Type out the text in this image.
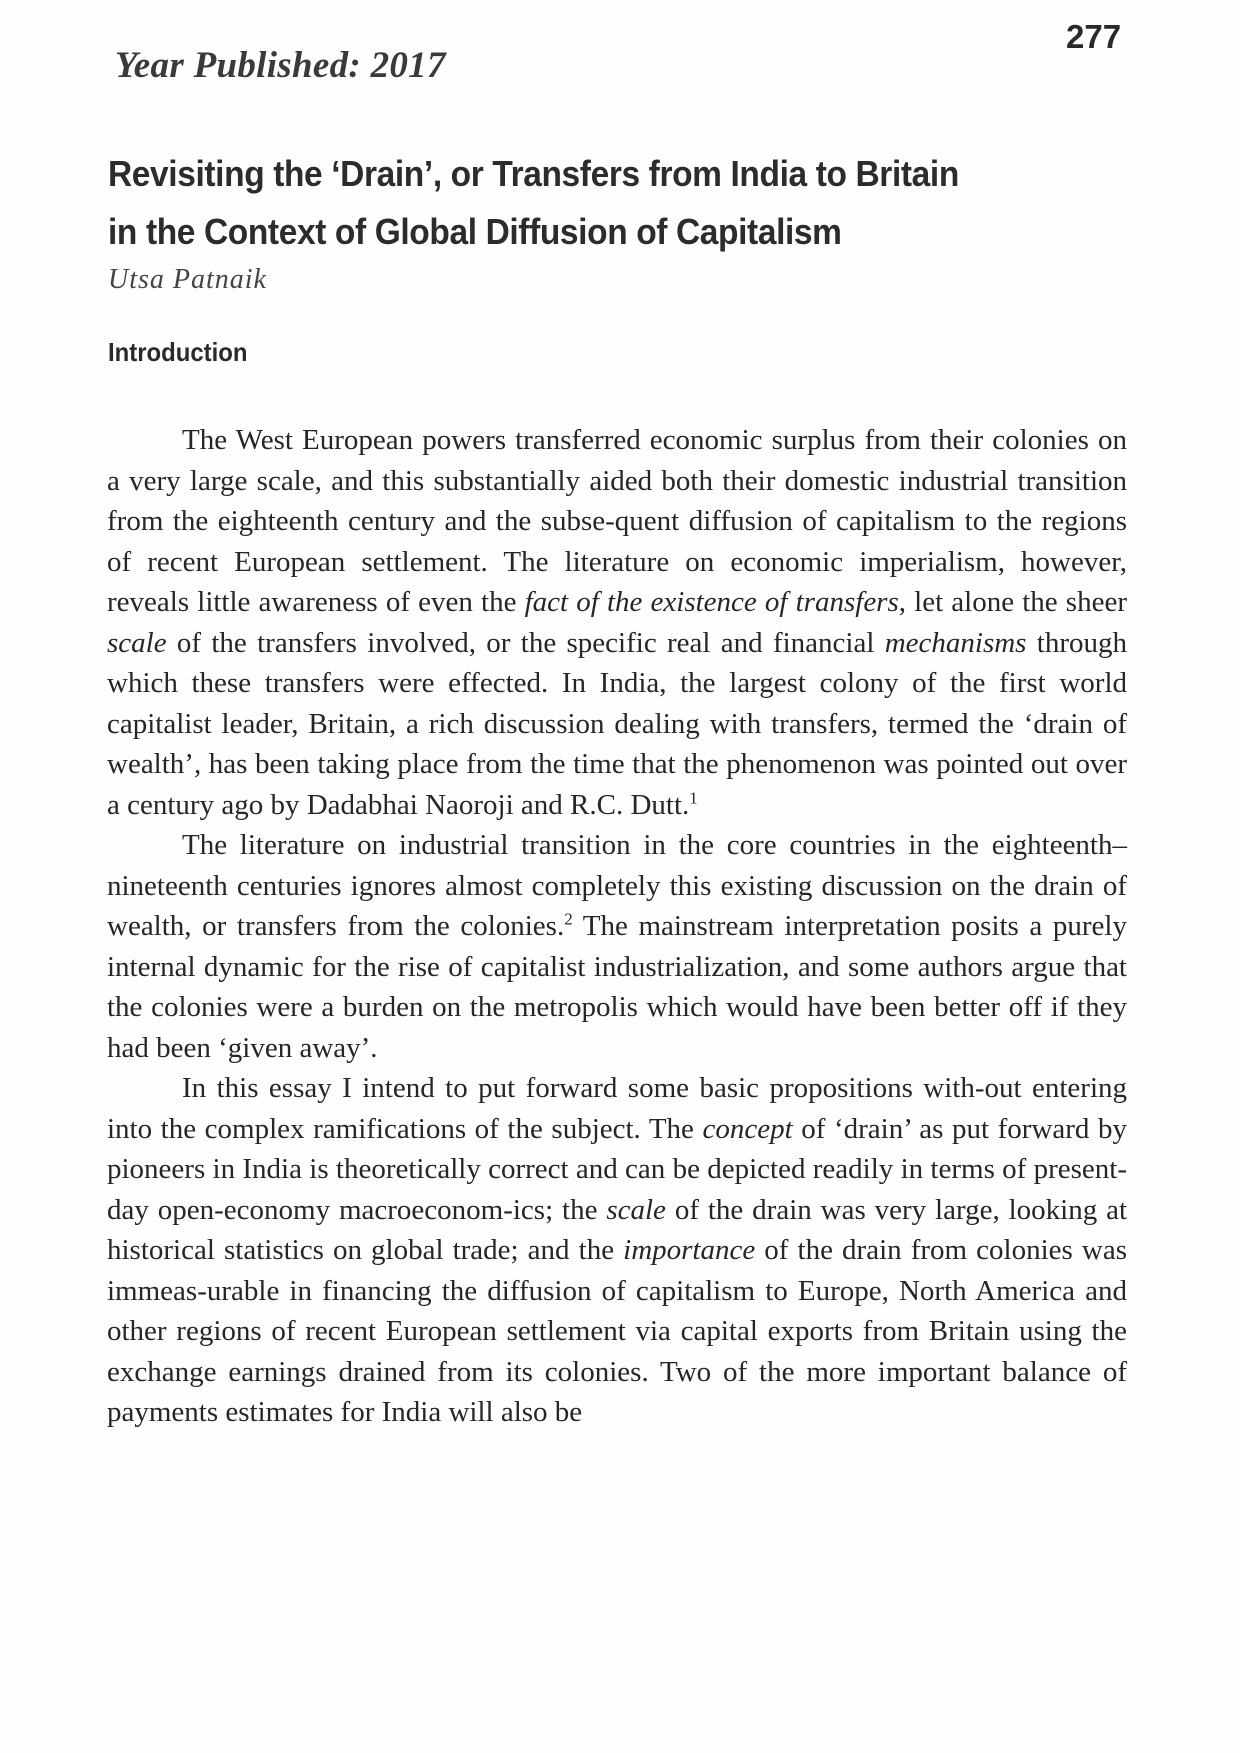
Year Published: 2017
277
Revisiting the ‘Drain’, or Transfers from India to Britain
in the Context of Global Diffusion of Capitalism
Utsa Patnaik
Introduction

The West European powers transferred economic surplus from their colonies on a very large scale, and this substantially aided both their domestic industrial transition from the eighteenth century and the subse-quent diffusion of capitalism to the regions of recent European settlement. The literature on economic imperialism, however, reveals little awareness of even the fact of the existence of transfers, let alone the sheer scale of the transfers involved, or the specific real and financial mechanisms through which these transfers were effected. In India, the largest colony of the first world capitalist leader, Britain, a rich discussion dealing with transfers, termed the ‘drain of wealth’, has been taking place from the time that the phenomenon was pointed out over a century ago by Dadabhai Naoroji and R.C. Dutt.$^1$

The literature on industrial transition in the core countries in the eighteenth–nineteenth centuries ignores almost completely this existing discussion on the drain of wealth, or transfers from the colonies.$^2$ The mainstream interpretation posits a purely internal dynamic for the rise of capitalist industrialization, and some authors argue that the colonies were a burden on the metropolis which would have been better off if they had been ‘given away’.

In this essay I intend to put forward some basic propositions with-out entering into the complex ramifications of the subject. The concept of ‘drain’ as put forward by pioneers in India is theoretically correct and can be depicted readily in terms of present-day open-economy macroeconom-ics; the scale of the drain was very large, looking at historical statistics on global trade; and the importance of the drain from colonies was immeas-urable in financing the diffusion of capitalism to Europe, North America and other regions of recent European settlement via capital exports from Britain using the exchange earnings drained from its colonies. Two of the more important balance of payments estimates for India will also be
